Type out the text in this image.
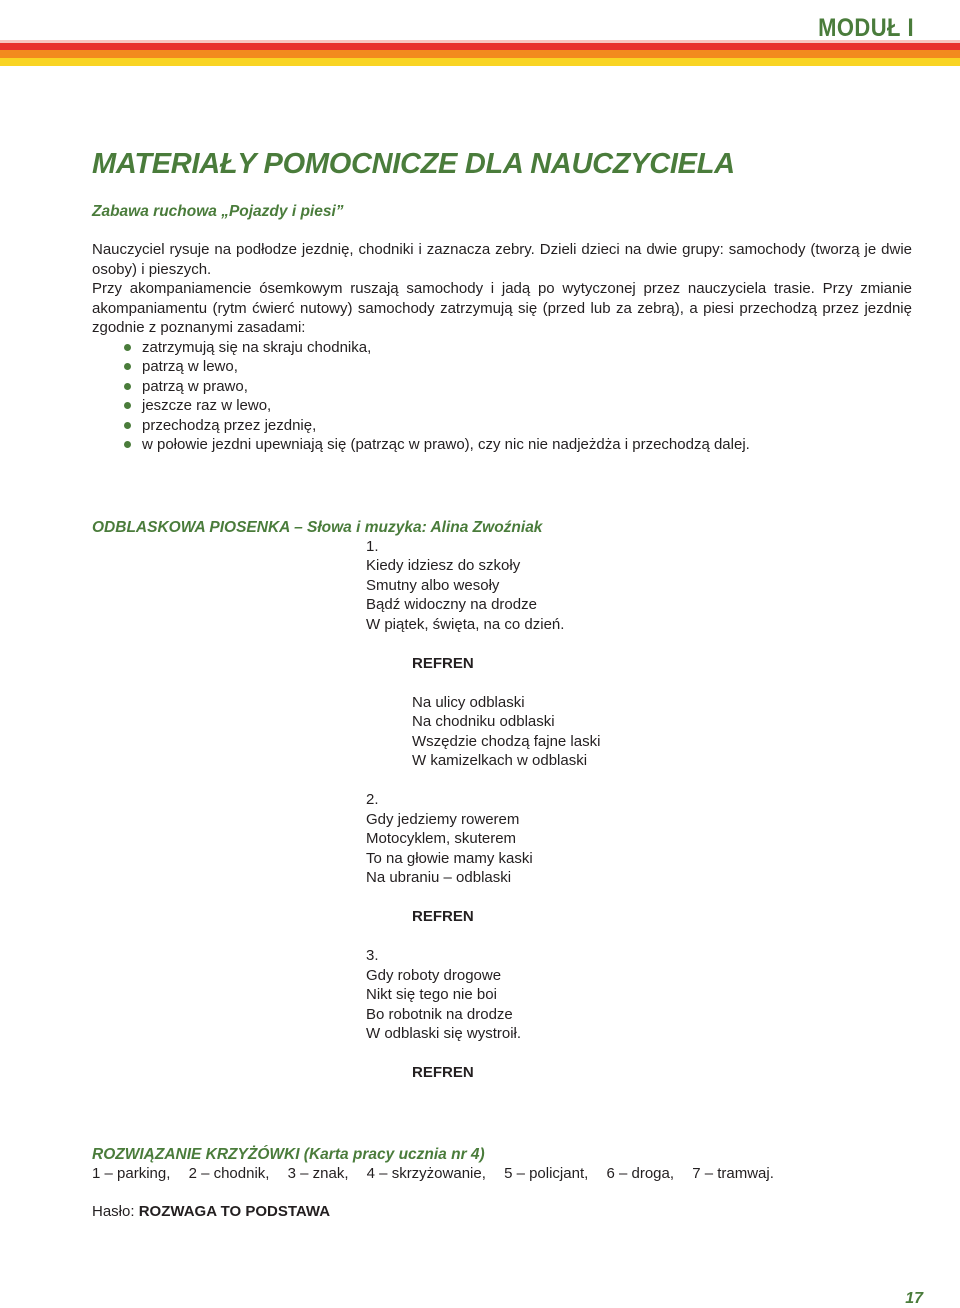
MODUŁ I
MATERIAŁY POMOCNICZE DLA NAUCZYCIELA

Zabawa ruchowa „Pojazdy i piesi”

Nauczyciel rysuje na podłodze jezdnię, chodniki i zaznacza zebry. Dzieli dzieci na dwie grupy: samochody (tworzą je dwie osoby) i pieszych.

Przy akompaniamencie ósemkowym ruszają samochody i jadą po wytyczonej przez nauczyciela trasie. Przy zmianie akompaniamentu (rytm ćwierć nutowy) samochody zatrzymują się (przed lub za zebrą), a piesi przechodzą przez jezdnię zgodnie z poznanymi zasadami:

zatrzymują się na skraju chodnika,
patrzą w lewo,
patrzą w prawo,
jeszcze raz w lewo,
przechodzą przez jezdnię,
w połowie jezdni upewniają się (patrząc w prawo), czy nic nie nadjeżdża i przechodzą dalej.

ODBLASKOWA PIOSENKA – Słowa i muzyka: Alina Zwoźniak

1.
Kiedy idziesz do szkoły
Smutny albo wesoły
Bądź widoczny na drodze
W piątek, święta, na co dzień.
REFREN
Na ulicy odblaski
Na chodniku odblaski
Wszędzie chodzą fajne laski
W kamizelkach w odblaski
2.
Gdy jedziemy rowerem
Motocyklem, skuterem
To na głowie mamy kaski
Na ubraniu – odblaski
REFREN
3.
Gdy roboty drogowe
Nikt się tego nie boi
Bo robotnik na drodze
W odblaski się wystroił.
REFREN

ROZWIĄZANIE KRZYŻÓWKI (Karta pracy ucznia nr 4)

1 – parking, 2 – chodnik, 3 – znak, 4 – skrzyżowanie, 5 – policjant, 6 – droga, 7 – tramwaj.

Hasło: ROZWAGA TO PODSTAWA
17
